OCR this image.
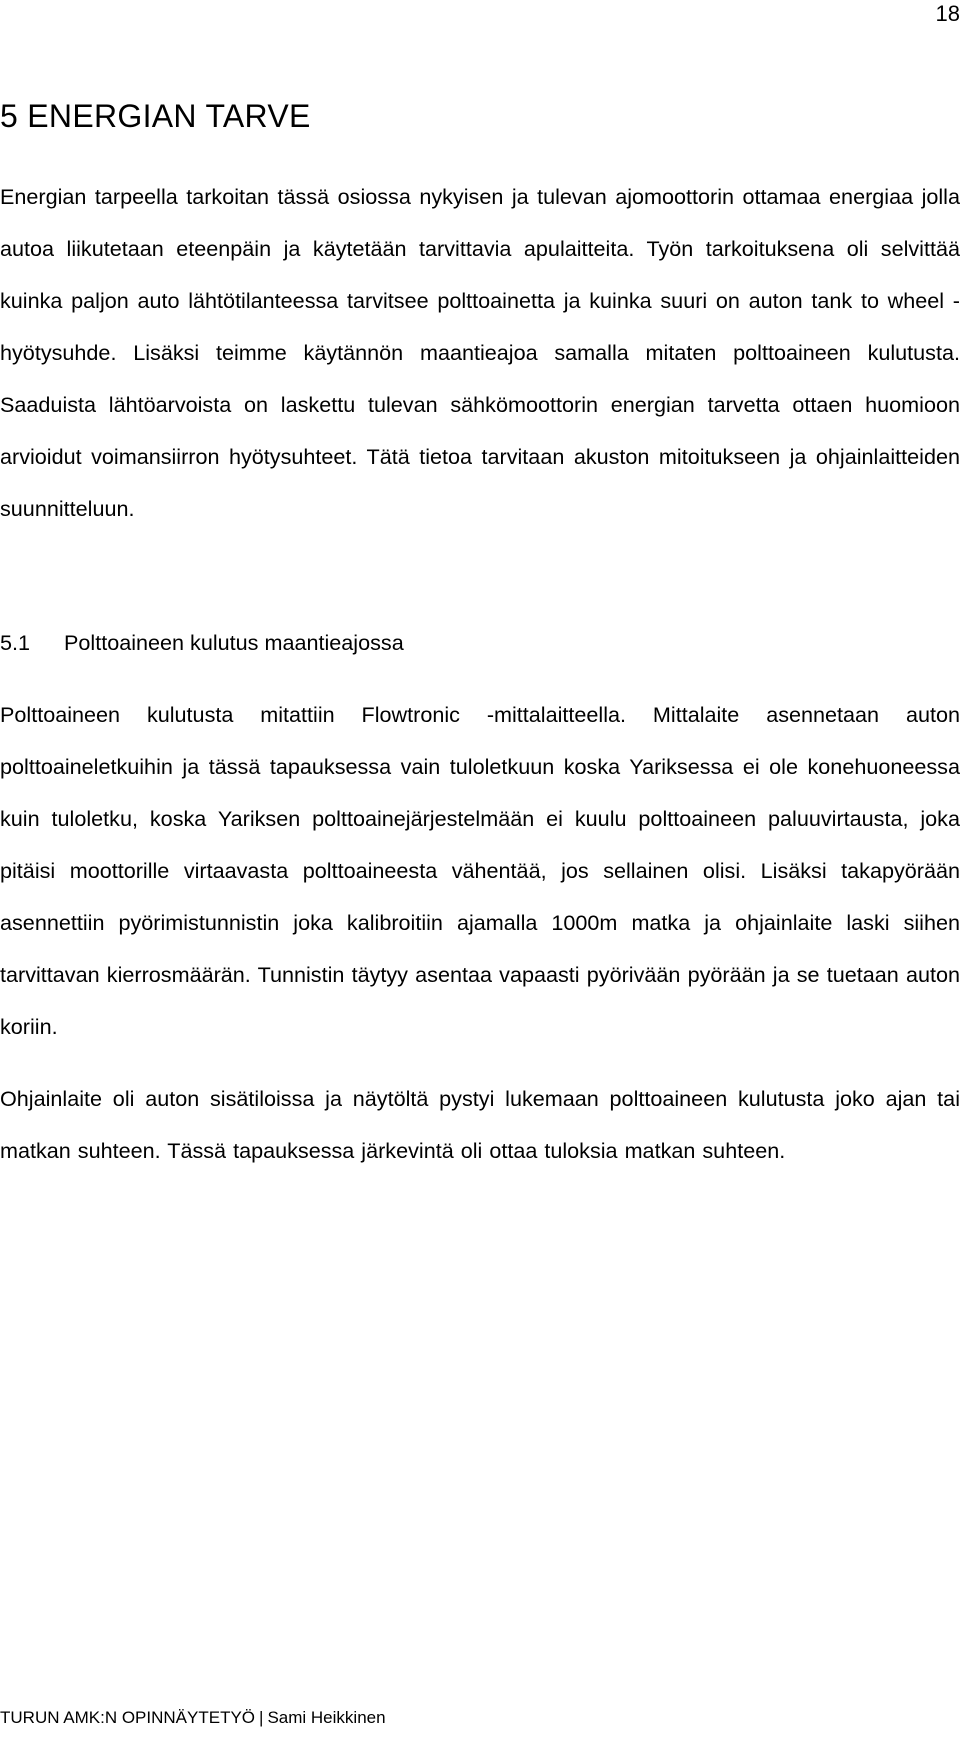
18
5 ENERGIAN TARVE

Energian tarpeella tarkoitan tässä osiossa nykyisen ja tulevan ajomoottorin ottamaa energiaa jolla autoa liikutetaan eteenpäin ja käytetään tarvittavia apulaitteita. Työn tarkoituksena oli selvittää kuinka paljon auto lähtötilanteessa tarvitsee polttoainetta ja kuinka suuri on auton tank to wheel -hyötysuhde. Lisäksi teimme käytännön maantieajoa samalla mitaten polttoaineen kulutusta. Saaduista lähtöarvoista on laskettu tulevan sähkömoottorin energian tarvetta ottaen huomioon arvioidut voimansiirron hyötysuhteet. Tätä tietoa tarvitaan akuston mitoitukseen ja ohjainlaitteiden suunnitteluun.

5.1 Polttoaineen kulutus maantieajossa

Polttoaineen kulutusta mitattiin Flowtronic -mittalaitteella. Mittalaite asennetaan auton polttoaineletkuihin ja tässä tapauksessa vain tuloletkuun koska Yariksessa ei ole konehuoneessa kuin tuloletku, koska Yariksen polttoainejärjestelmään ei kuulu polttoaineen paluuvirtausta, joka pitäisi moottorille virtaavasta polttoaineesta vähentää, jos sellainen olisi. Lisäksi takapyörään asennettiin pyörimistunnistin joka kalibroitiin ajamalla 1000m matka ja ohjainlaite laski siihen tarvittavan kierrosmäärän. Tunnistin täytyy asentaa vapaasti pyörivään pyörään ja se tuetaan auton koriin.

Ohjainlaite oli auton sisätiloissa ja näytöltä pystyi lukemaan polttoaineen kulutusta joko ajan tai matkan suhteen. Tässä tapauksessa järkevintä oli ottaa tuloksia matkan suhteen.

TURUN AMK:N OPINNÄYTETYÖ | Sami Heikkinen
